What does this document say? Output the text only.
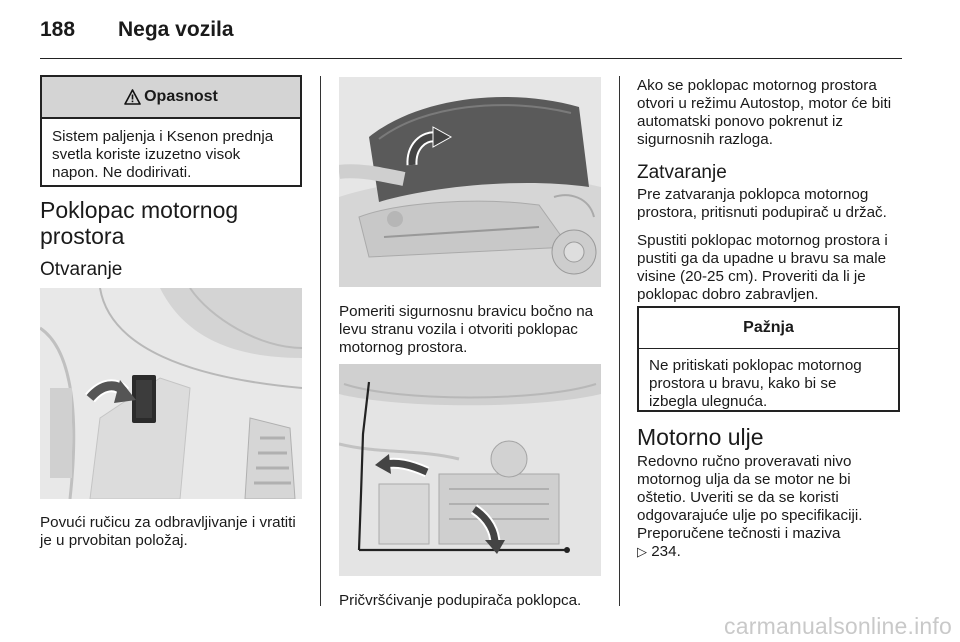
188 Nega vozila
Opasnost
Sistem paljenja i Ksenon prednja
svetla koriste izuzetno visok
napon. Ne dodirivati.
Poklopac motornog
prostora
Otvaranje
Povući ručicu za odbravljivanje i vratiti
je u prvobitan položaj.
Pomeriti sigurnosnu bravicu bočno na
levu stranu vozila i otvoriti poklopac
motornog prostora.
Pričvršćivanje podupirača poklopca.
Ako se poklopac motornog prostora
otvori u režimu Autostop, motor će biti
automatski ponovo pokrenut iz
sigurnosnih razloga.
Zatvaranje
Pre zatvaranja poklopca motornog
prostora, pritisnuti podupirač u držač.
Spustiti poklopac motornog prostora i
pustiti ga da upadne u bravu sa male
visine (20-25 cm). Proveriti da li je
poklopac dobro zabravljen.
Pažnja
Ne pritiskati poklopac motornog
prostora u bravu, kako bi se
izbegla ulegnuća.
Motorno ulje
Redovno ručno proveravati nivo
motornog ulja da se motor ne bi
oštetio. Uveriti se da se koristi
odgovarajuće ulje po specifikaciji.
Preporučene tečnosti i maziva
▷ 234.
carmanualsonline.info
